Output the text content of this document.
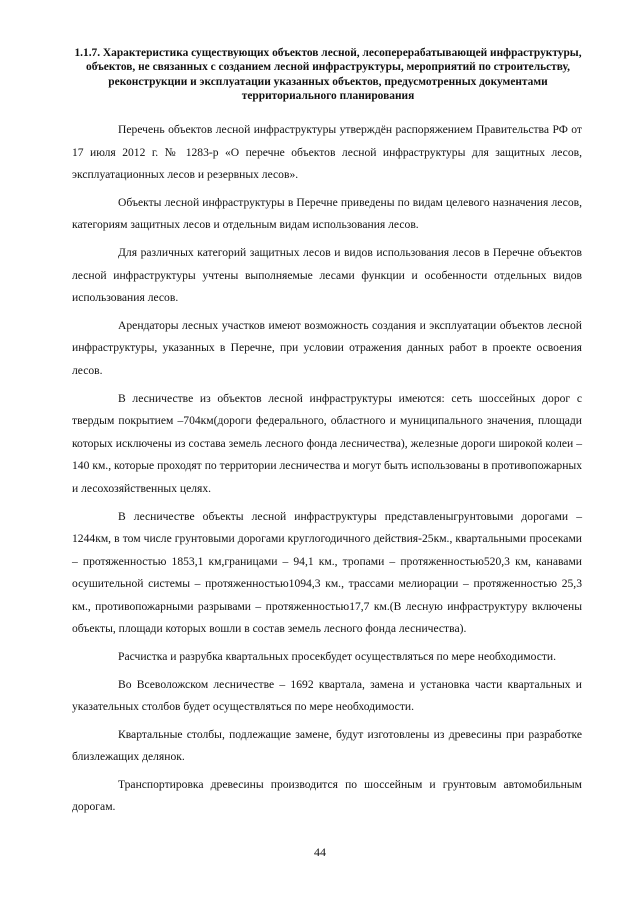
1.1.7. Характеристика существующих объектов лесной, лесоперерабатывающей инфраструктуры, объектов, не связанных с созданием лесной инфраструктуры, мероприятий по строительству, реконструкции и эксплуатации указанных объектов, предусмотренных документами территориального планирования

Перечень объектов лесной инфраструктуры утверждён распоряжением Правительства РФ от 17 июля 2012 г. № 1283-р «О перечне объектов лесной инфраструктуры для защитных лесов, эксплуатационных лесов и резервных лесов».

Объекты лесной инфраструктуры в Перечне приведены по видам целевого назначения лесов, категориям защитных лесов и отдельным видам использования лесов.

Для различных категорий защитных лесов и видов использования лесов в Перечне объектов лесной инфраструктуры учтены выполняемые лесами функции и особенности отдельных видов использования лесов.

Арендаторы лесных участков имеют возможность создания и эксплуатации объектов лесной инфраструктуры, указанных в Перечне, при условии отражения данных работ в проекте освоения лесов.

В лесничестве из объектов лесной инфраструктуры имеются: сеть шоссейных дорог с твердым покрытием –704км(дороги федерального, областного и муниципального значения, площади которых исключены из состава земель лесного фонда лесничества), железные дороги широкой колеи – 140 км., которые проходят по территории лесничества и могут быть использованы в противопожарных и лесохозяйственных целях.

В лесничестве объекты лесной инфраструктуры представленыгрунтовыми дорогами –1244км, в том числе грунтовыми дорогами круглогодичного действия-25км., квартальными просеками – протяженностью 1853,1 км,границами – 94,1 км., тропами – протяженностью520,3 км, канавами осушительной системы – протяженностью1094,3 км., трассами мелиорации – протяженностью 25,3 км., противопожарными разрывами – протяженностью17,7 км.(В лесную инфраструктуру включены объекты, площади которых вошли в состав земель лесного фонда лесничества).

Расчистка и разрубка квартальных просекбудет осуществляться по мере необходимости.

Во Всеволожском лесничестве – 1692 квартала, замена и установка части квартальных и указательных столбов будет осуществляться по мере необходимости.

Квартальные столбы, подлежащие замене, будут изготовлены из древесины при разработке близлежащих делянок.

Транспортировка древесины производится по шоссейным и грунтовым автомобильным дорогам.

44
